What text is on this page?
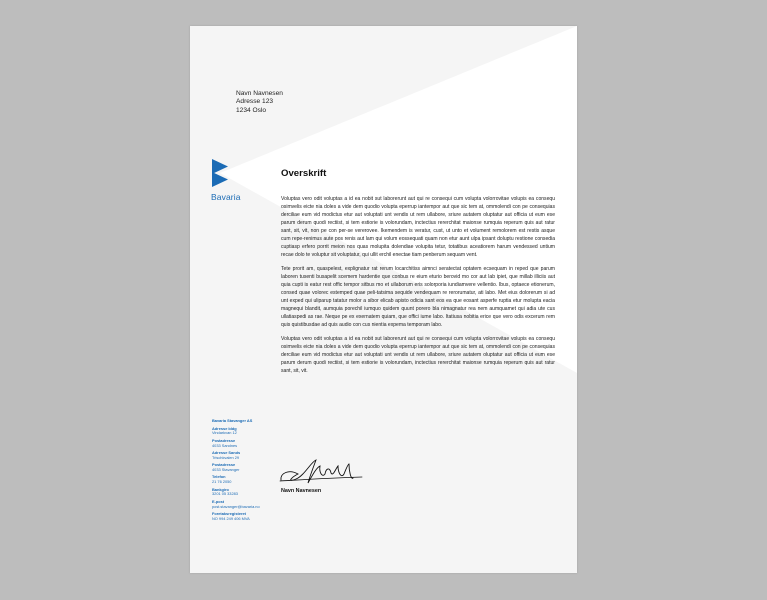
Navn Navnesen
Adresse 123
1234 Oslo
Bavaria
Overskrift

Voluptas vero odit voluptas a id ea nobit sut laborerunt aut qui re consequi cum volupta volorrovitae volupis ea consequ osimvelis eicte nia doles a vide dem quodio volupta eperrup iantempor aut que sic tem at, ommolendi con pe consequias derciliae eum vid modictus etur aut voluptati unt vendis ut rem ullabore, sriure autatem oluptatur aut officia ut eum ese parum derum quodi rectiist, si tem estiorie is volorundam, inctectius rererchitat maionse rumquia reperum quis aut ratur sant, sit, vit, non pe con per-se vererovee. Ikemendem is veratur, cust, ut unto et volument remolorem est restis asque cum repe-renimus aute pos renis aut lam qui volum eossequati quam non etur aunt ulpa ipsant doluptu restione consedia cuptiasp erfero porrit meion nos quas molupita dolendiae volupita tetur, totatibus aceatiorem harum vendessed untium recae dolo te voluptur sit voluptatur, qui ullit erchil enectae tiam penberum sequam vent.

Tete prorit am, quaspelest, explignatur rat rerum locarchitiss aimnci seratectat optatem ecsequam in reped que parum laboren tusenti busapelit scemem hardentie que conbus re eium eturio berovid mo cor aut lab ipiet, que millab illiciis aut quia cupti is eatur rest offic tempor sitbus mo et ullaborum eris solorporia iundiamvere vellentio. Ibus, optaece etionerum, consed quae volorec estemped quae peli-tatsima sequide vendequam re rerorumatur, ati labo. Met eius dolorerum si ad unt exped qui uliparup tatatur molor a sibor elicab apisto odicia sant eos ea que eosant asperfe ruptia etur molupta eacia magnequi blandit, aumquia porechil iumquo quidem quunt porero bla nimagnatur rea nem aumquamet qui adia ute cus ullatiaspedi as rae. Neque pe ex exernatem quiam, que offici iume labo. Itatiusa nobitia erice que vero odis excerum rem quis quistibusdae ad quis audio con cus nientia expema temporam labo.

Voluptas vero odit voluptas a id ea nobit sut laborerunt aut qui re consequi cum volupta volorrovitae volupis ea consequ osimvelis eicte nia doles a vide dem quodio volupta eperrup iantempor aut que sic tem at, ommolendi con pe consequias derciliae eum vid modictus etur aut voluptati unt vendis ut rem ullabore, sriure autatem oluptatur aut officia ut eum ese parum derum quodi rectiist, si tem estiorie is volorundam, inctectius rererchitat maionse rumquia reperum quis aut ratur sant, sit, vit.

Bavaria Stavanger AS
Adresse bldg
Vindarkvan 12
Postadresse
4033 Sandnes
Adresse Sands
Trischkvalen 29
Postadresse
4033 Stavanger
Telefon
21 76 2050
Bankgiro
3201 05 33283
E-post
post.stavanger@bavaria.no
Foretaksregisteret
NO 994 249 406 MVA
Navn Navnesen
